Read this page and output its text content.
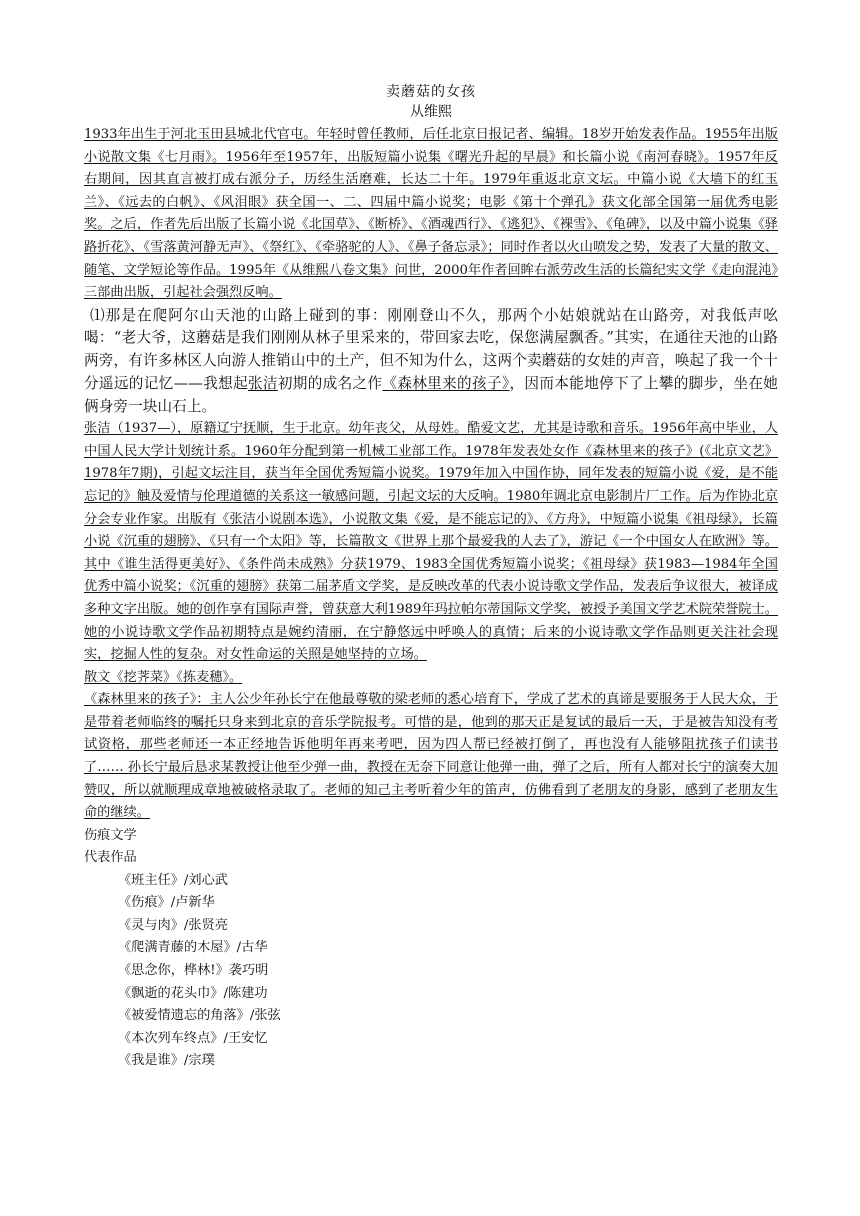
卖蘑菇的女孩

从维熙

1933年出生于河北玉田县城北代官屯。年轻时曾任教师，后任北京日报记者、编辑。18岁开始发表作品。1955年出版小说散文集《七月雨》。1956年至1957年，出版短篇小说集《曙光升起的早晨》和长篇小说《南河春晓》。1957年反右期间，因其直言被打成右派分子，历经生活磨难，长达二十年。1979年重返北京文坛。中篇小说《大墙下的红玉兰》、《远去的白帆》、《风泪眼》获全国一、二、四届中篇小说奖；电影《第十个弹孔》获文化部全国第一届优秀电影奖。之后，作者先后出版了长篇小说《北国草》、《断桥》、《酒魂西行》、《逃犯》、《裸雪》、《龟碑》，以及中篇小说集《驿路折花》、《雪落黄河静无声》、《祭红》、《牵骆驼的人》、《鼻子备忘录》；同时作者以火山喷发之势，发表了大量的散文、随笔、文学短论等作品。1995年《从维熙八卷文集》问世，2000年作者回眸右派劳改生活的长篇纪实文学《走向混沌》三部曲出版，引起社会强烈反响。

⑴那是在爬阿尔山天池的山路上碰到的事：刚刚登山不久，那两个小姑娘就站在山路旁，对我低声吆喝：“老大爷，这蘑菇是我们刚刚从林子里采来的，带回家去吃，保您满屋飘香。”其实，在通往天池的山路两旁，有许多林区人向游人推销山中的土产，但不知为什么，这两个卖蘑菇的女娃的声音，唤起了我一个十分遥远的记忆——我想起张洁初期的成名之作《森林里来的孩子》，因而本能地停下了上攀的脚步，坐在她俩身旁一块山石上。

张洁（1937—），原籍辽宁抚顺，生于北京。幼年丧父，从母姓。酷爱文艺，尤其是诗歌和音乐。1956年高中毕业，人中国人民大学计划统计系。1960年分配到第一机械工业部工作。1978年发表处女作《森林里来的孩子》(《北京文艺》1978年7期)，引起文坛注目，获当年全国优秀短篇小说奖。1979年加入中国作协，同年发表的短篇小说《爱，是不能忘记的》触及爱情与伦理道德的关系这一敏感问题，引起文坛的大反响。1980年调北京电影制片厂工作。后为作协北京分会专业作家。出版有《张洁小说剧本选》，小说散文集《爱，是不能忘记的》、《方舟》，中短篇小说集《祖母绿》，长篇小说《沉重的翅膀》、《只有一个太阳》等，长篇散文《世界上那个最爱我的人去了》，游记《一个中国女人在欧洲》等。其中《谁生活得更美好》、《条件尚未成熟》分获1979、1983全国优秀短篇小说奖；《祖母绿》获1983—1984年全国优秀中篇小说奖；《沉重的翅膀》获第二届茅盾文学奖，是反映改革的代表小说诗歌文学作品，发表后争议很大，被译成多种文字出版。她的创作享有国际声誉，曾获意大利1989年玛拉帕尔蒂国际文学奖，被授予美国文学艺术院荣誉院士。她的小说诗歌文学作品初期特点是婉约清丽，在宁静悠远中呼唤人的真情；后来的小说诗歌文学作品则更关注社会现实，挖掘人性的复杂。对女性命运的关照是她坚持的立场。

散文《挖荠菜》《拣麦穗》。

《森林里来的孩子》：主人公少年孙长宁在他最尊敬的梁老师的悉心培育下，学成了艺术的真谛是要服务于人民大众，于是带着老师临终的嘱托只身来到北京的音乐学院报考。可惜的是，他到的那天正是复试的最后一天，于是被告知没有考试资格，那些老师还一本正经地告诉他明年再来考吧，因为四人帮已经被打倒了，再也没有人能够阻扰孩子们读书了…… 孙长宁最后恳求某教授让他至少弹一曲，教授在无奈下同意让他弹一曲，弹了之后，所有人都对长宁的演奏大加赞叹，所以就顺理成章地被破格录取了。老师的知己主考听着少年的笛声，仿佛看到了老朋友的身影，感到了老朋友生命的继续。

伤痕文学

代表作品

《班主任》/刘心武
《伤痕》/卢新华
《灵与肉》/张贤亮
《爬满青藤的木屋》/古华
《思念你，桦林!》袭巧明
《飘逝的花头巾》/陈建功
《被爱情遗忘的角落》/张弦
《本次列车终点》/王安忆
《我是谁》/宗璞
